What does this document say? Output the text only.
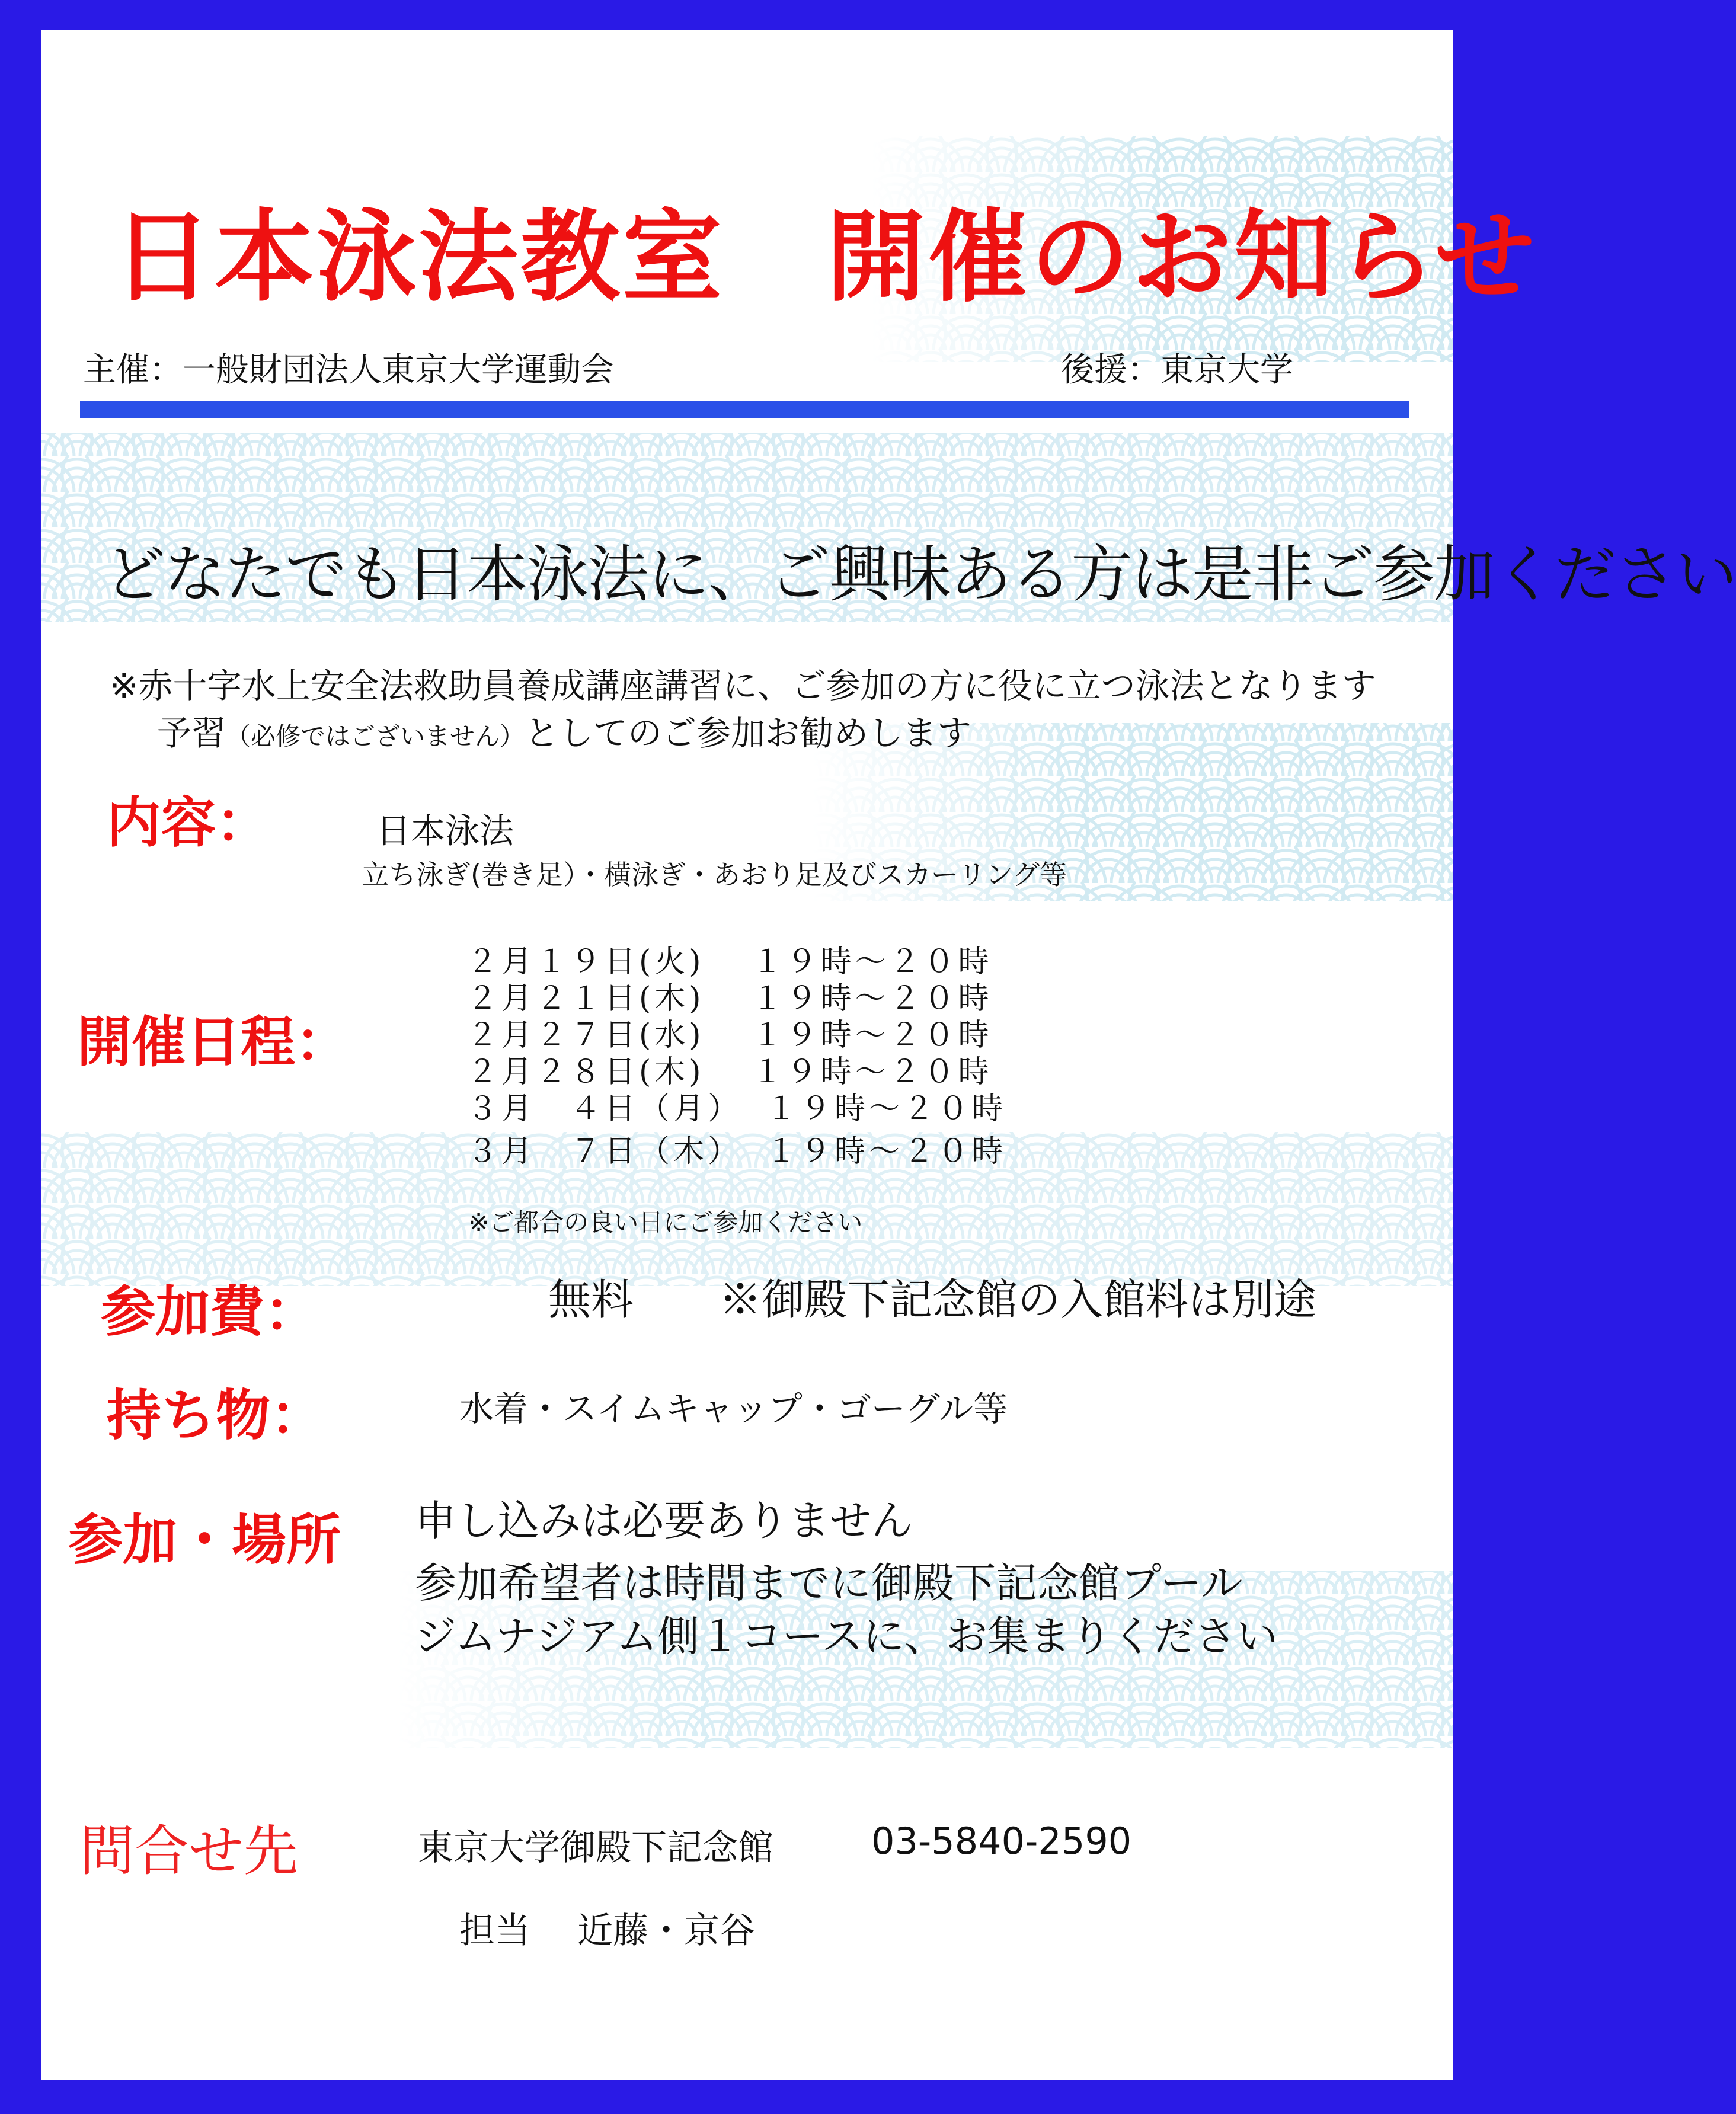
日本泳法教室　開催のお知らせ
主催：一般財団法人東京大学運動会	後援：東京大学
どなたでも日本泳法に、ご興味ある方は是非ご参加ください
※赤十字水上安全法救助員養成講座講習に、ご参加の方に役に立つ泳法となります
予習（必修ではございません）としてのご参加お勧めします
内容：	日本泳法
立ち泳ぎ(巻き足）・横泳ぎ・あおり足及びスカーリング等
開催日程：
２月１９日(火) １９時～２０時
２月２１日(木) １９時～２０時
２月２７日(水) １９時～２０時
２月２８日(木) １９時～２０時
３月　４日（月） １９時～２０時
３月　７日（木） １９時～２０時
※ご都合の良い日にご参加ください
参加費：	無料　　※御殿下記念館の入館料は別途
持ち物：	水着・スイムキャップ・ゴーグル等
参加・場所 申し込みは必要ありません
参加希望者は時間までに御殿下記念館プール
ジムナジアム側１コースに、お集まりください
問合せ先	東京大学御殿下記念館	03-5840-2590
担当　 近藤・京谷
